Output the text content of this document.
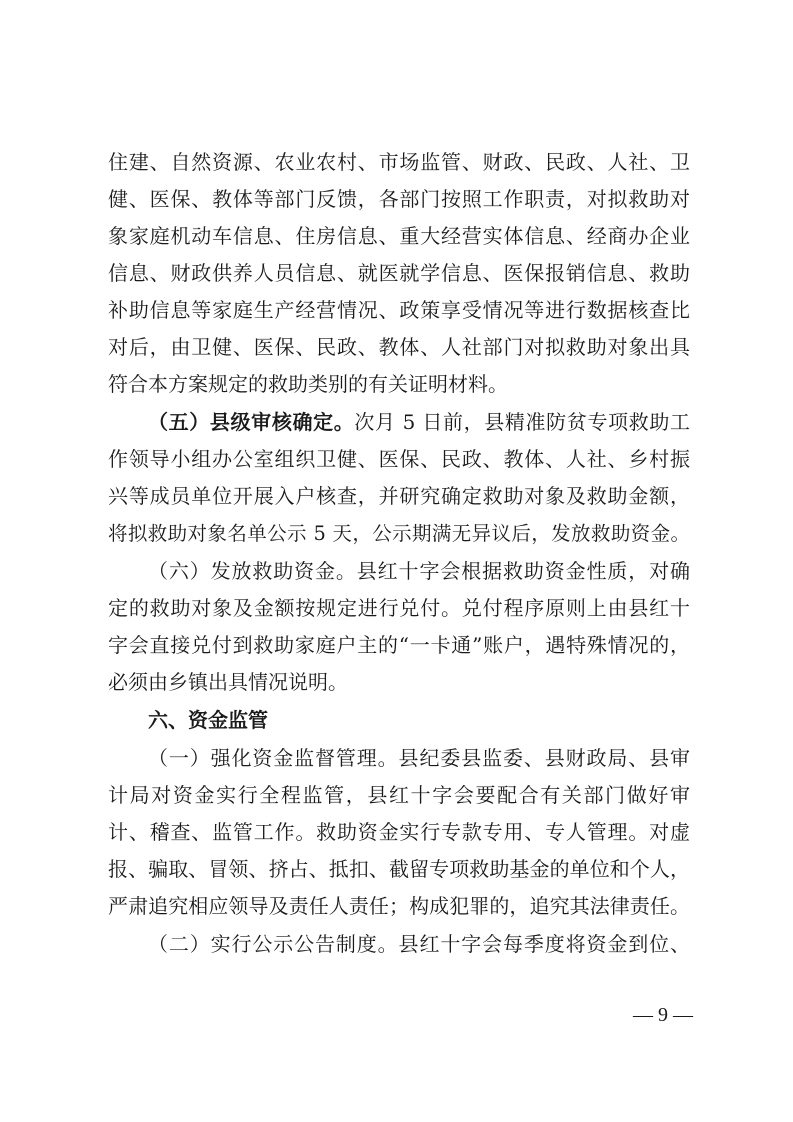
住建、自然资源、农业农村、市场监管、财政、民政、人社、卫
健、医保、教体等部门反馈，各部门按照工作职责，对拟救助对
象家庭机动车信息、住房信息、重大经营实体信息、经商办企业
信息、财政供养人员信息、就医就学信息、医保报销信息、救助
补助信息等家庭生产经营情况、政策享受情况等进行数据核查比
对后，由卫健、医保、民政、教体、人社部门对拟救助对象出具
符合本方案规定的救助类别的有关证明材料。
（五）县级审核确定。次月 5 日前，县精准防贫专项救助工
作领导小组办公室组织卫健、医保、民政、教体、人社、乡村振
兴等成员单位开展入户核查，并研究确定救助对象及救助金额，
将拟救助对象名单公示 5 天，公示期满无异议后，发放救助资金。
（六）发放救助资金。县红十字会根据救助资金性质，对确
定的救助对象及金额按规定进行兑付。兑付程序原则上由县红十
字会直接兑付到救助家庭户主的“一卡通”账户，遇特殊情况的，
必须由乡镇出具情况说明。
六、资金监管
（一）强化资金监督管理。县纪委县监委、县财政局、县审
计局对资金实行全程监管，县红十字会要配合有关部门做好审
计、稽查、监管工作。救助资金实行专款专用、专人管理。对虚
报、骗取、冒领、挤占、抵扣、截留专项救助基金的单位和个人，
严肃追究相应领导及责任人责任；构成犯罪的，追究其法律责任。
（二）实行公示公告制度。县红十字会每季度将资金到位、
— 9 —
